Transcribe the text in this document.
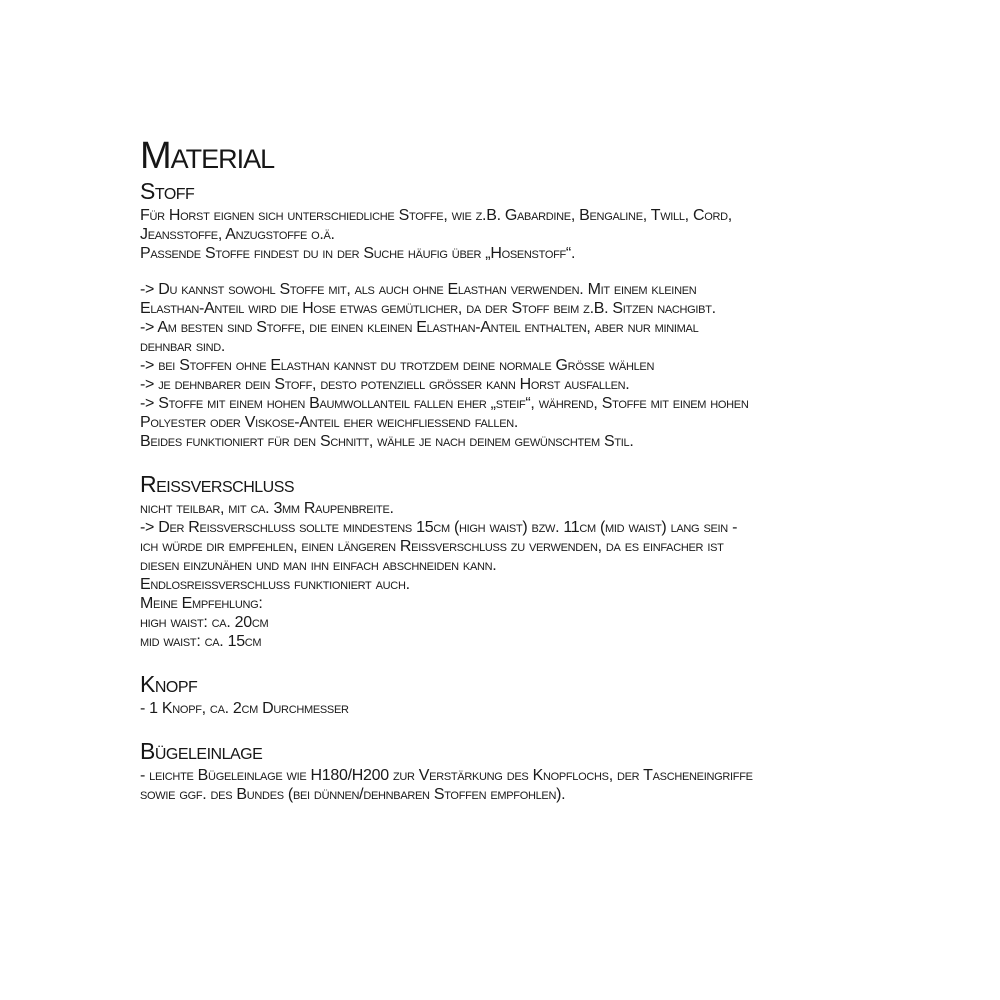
Material
Stoff

Für Horst eignen sich unterschiedliche Stoffe, wie z.B. Gabardine, Bengaline, Twill, Cord,
Jeansstoffe, Anzugstoffe o.ä.
Passende Stoffe findest du in der Suche häufig über „Hosenstoff“.

-> Du kannst sowohl Stoffe mit, als auch ohne Elasthan verwenden. Mit einem kleinen
Elasthan-Anteil wird die Hose etwas gemütlicher, da der Stoff beim z.B. Sitzen nachgibt.
-> Am besten sind Stoffe, die einen kleinen Elasthan-Anteil enthalten, aber nur minimal
dehnbar sind.
-> bei Stoffen ohne Elasthan kannst du trotzdem deine normale Grösse wählen
-> je dehnbarer dein Stoff, desto potenziell grösser kann Horst ausfallen.
-> Stoffe mit einem hohen Baumwollanteil fallen eher „steif“, während, Stoffe mit einem hohen
Polyester oder Viskose-Anteil eher weichfliessend fallen.
Beides funktioniert für den Schnitt, wähle je nach deinem gewünschtem Stil.

Reissverschluss

nicht teilbar, mit ca. 3mm Raupenbreite.
-> Der Reissverschluss sollte mindestens 15cm (high waist) bzw. 11cm (mid waist) lang sein -
ich würde dir empfehlen, einen längeren Reissverschluss zu verwenden, da es einfacher ist
diesen einzunähen und man ihn einfach abschneiden kann.
Endlosreissverschluss funktioniert auch.
Meine Empfehlung:
high waist: ca. 20cm
mid waist: ca. 15cm

Knopf

- 1 Knopf, ca. 2cm Durchmesser

Bügeleinlage

- leichte Bügeleinlage wie H180/H200 zur Verstärkung des Knopflochs, der Tascheneingriffe
sowie ggf. des Bundes (bei dünnen/dehnbaren Stoffen empfohlen).
